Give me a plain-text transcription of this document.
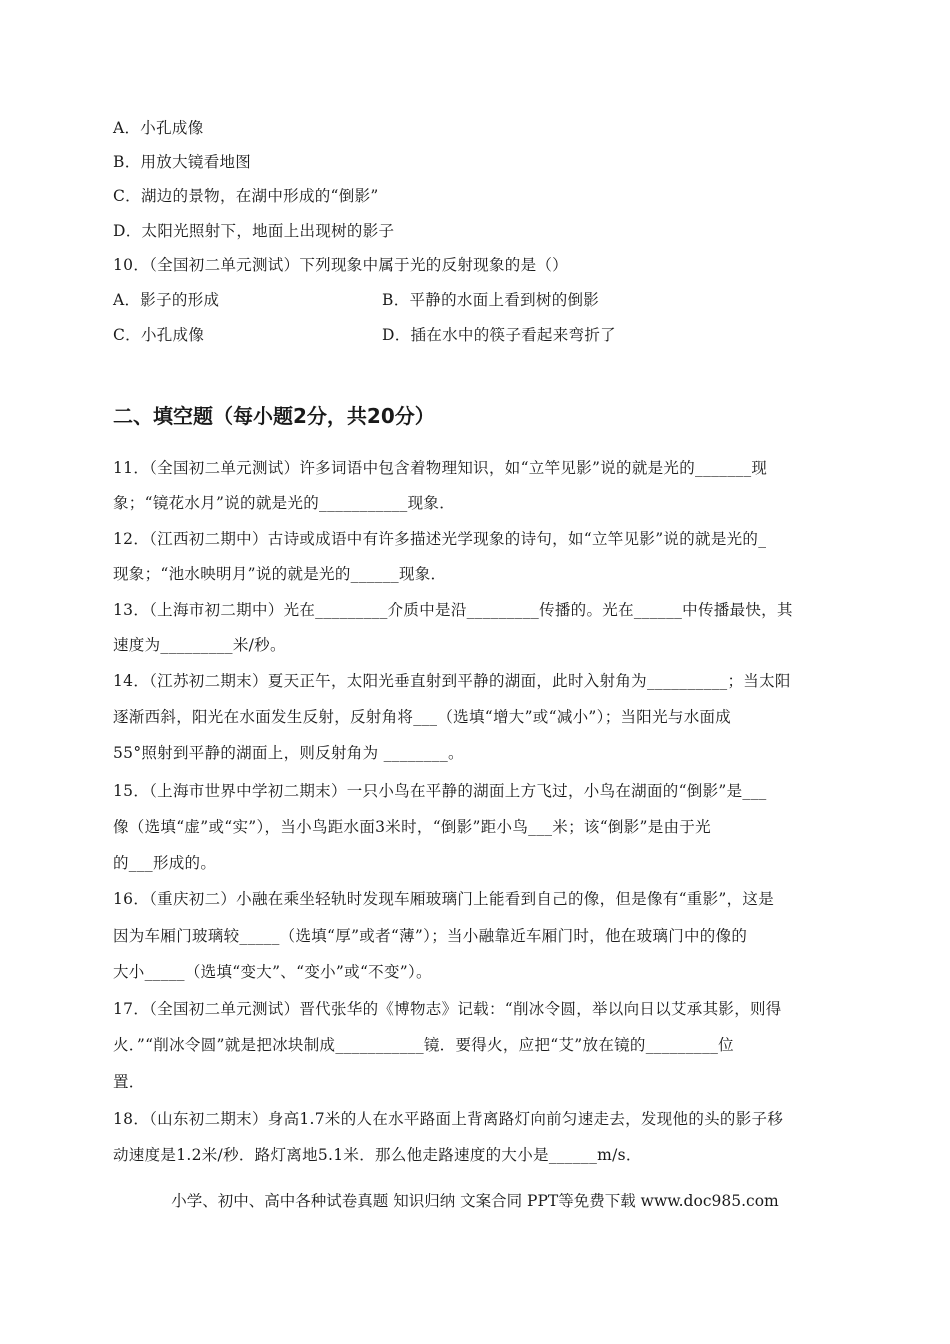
A．小孔成像
B．用放大镜看地图
C．湖边的景物，在湖中形成的“倒影”
D．太阳光照射下，地面上出现树的影子
10．（全国初二单元测试）下列现象中属于光的反射现象的是（）
A．影子的形成	B．平静的水面上看到树的倒影
C．小孔成像	D．插在水中的筷子看起来弯折了
二、填空题（每小题2分，共20分）
11．（全国初二单元测试）许多词语中包含着物理知识，如“立竿见影”说的就是光的_______现
象；“镜花水月”说的就是光的___________现象．
12．（江西初二期中）古诗或成语中有许多描述光学现象的诗句，如“立竿见影”说的就是光的_
现象；“池水映明月”说的就是光的______现象．
13．（上海市初二期中）光在_________介质中是沿_________传播的。光在______中传播最快，其
速度为_________米/秒。
14．（江苏初二期末）夏天正午，太阳光垂直射到平静的湖面，此时入射角为__________；当太阳
逐渐西斜，阳光在水面发生反射，反射角将___（选填“增大”或“减小”）；当阳光与水面成
55°照射到平静的湖面上，则反射角为 ________。
15．（上海市世界中学初二期末）一只小鸟在平静的湖面上方飞过，小鸟在湖面的“倒影”是___
像（选填“虚”或“实”），当小鸟距水面3米时，“倒影”距小鸟___米；该“倒影”是由于光
的___形成的。
16．（重庆初二）小融在乘坐轻轨时发现车厢玻璃门上能看到自己的像，但是像有“重影”，这是
因为车厢门玻璃较_____（选填“厚”或者“薄”）；当小融靠近车厢门时，他在玻璃门中的像的
大小_____（选填“变大”、“变小”或“不变”）。
17．（全国初二单元测试）晋代张华的《博物志》记载：“削冰令圆，举以向日以艾承其影，则得
火．”“削冰令圆”就是把冰块制成___________镜．要得火，应把“艾”放在镜的_________位
置．
18．（山东初二期末）身高1.7米的人在水平路面上背离路灯向前匀速走去，发现他的头的影子移
动速度是1.2米/秒．路灯离地5.1米．那么他走路速度的大小是______m/s．
小学、初中、高中各种试卷真题 知识归纳 文案合同 PPT等免费下载 www.doc985.com
